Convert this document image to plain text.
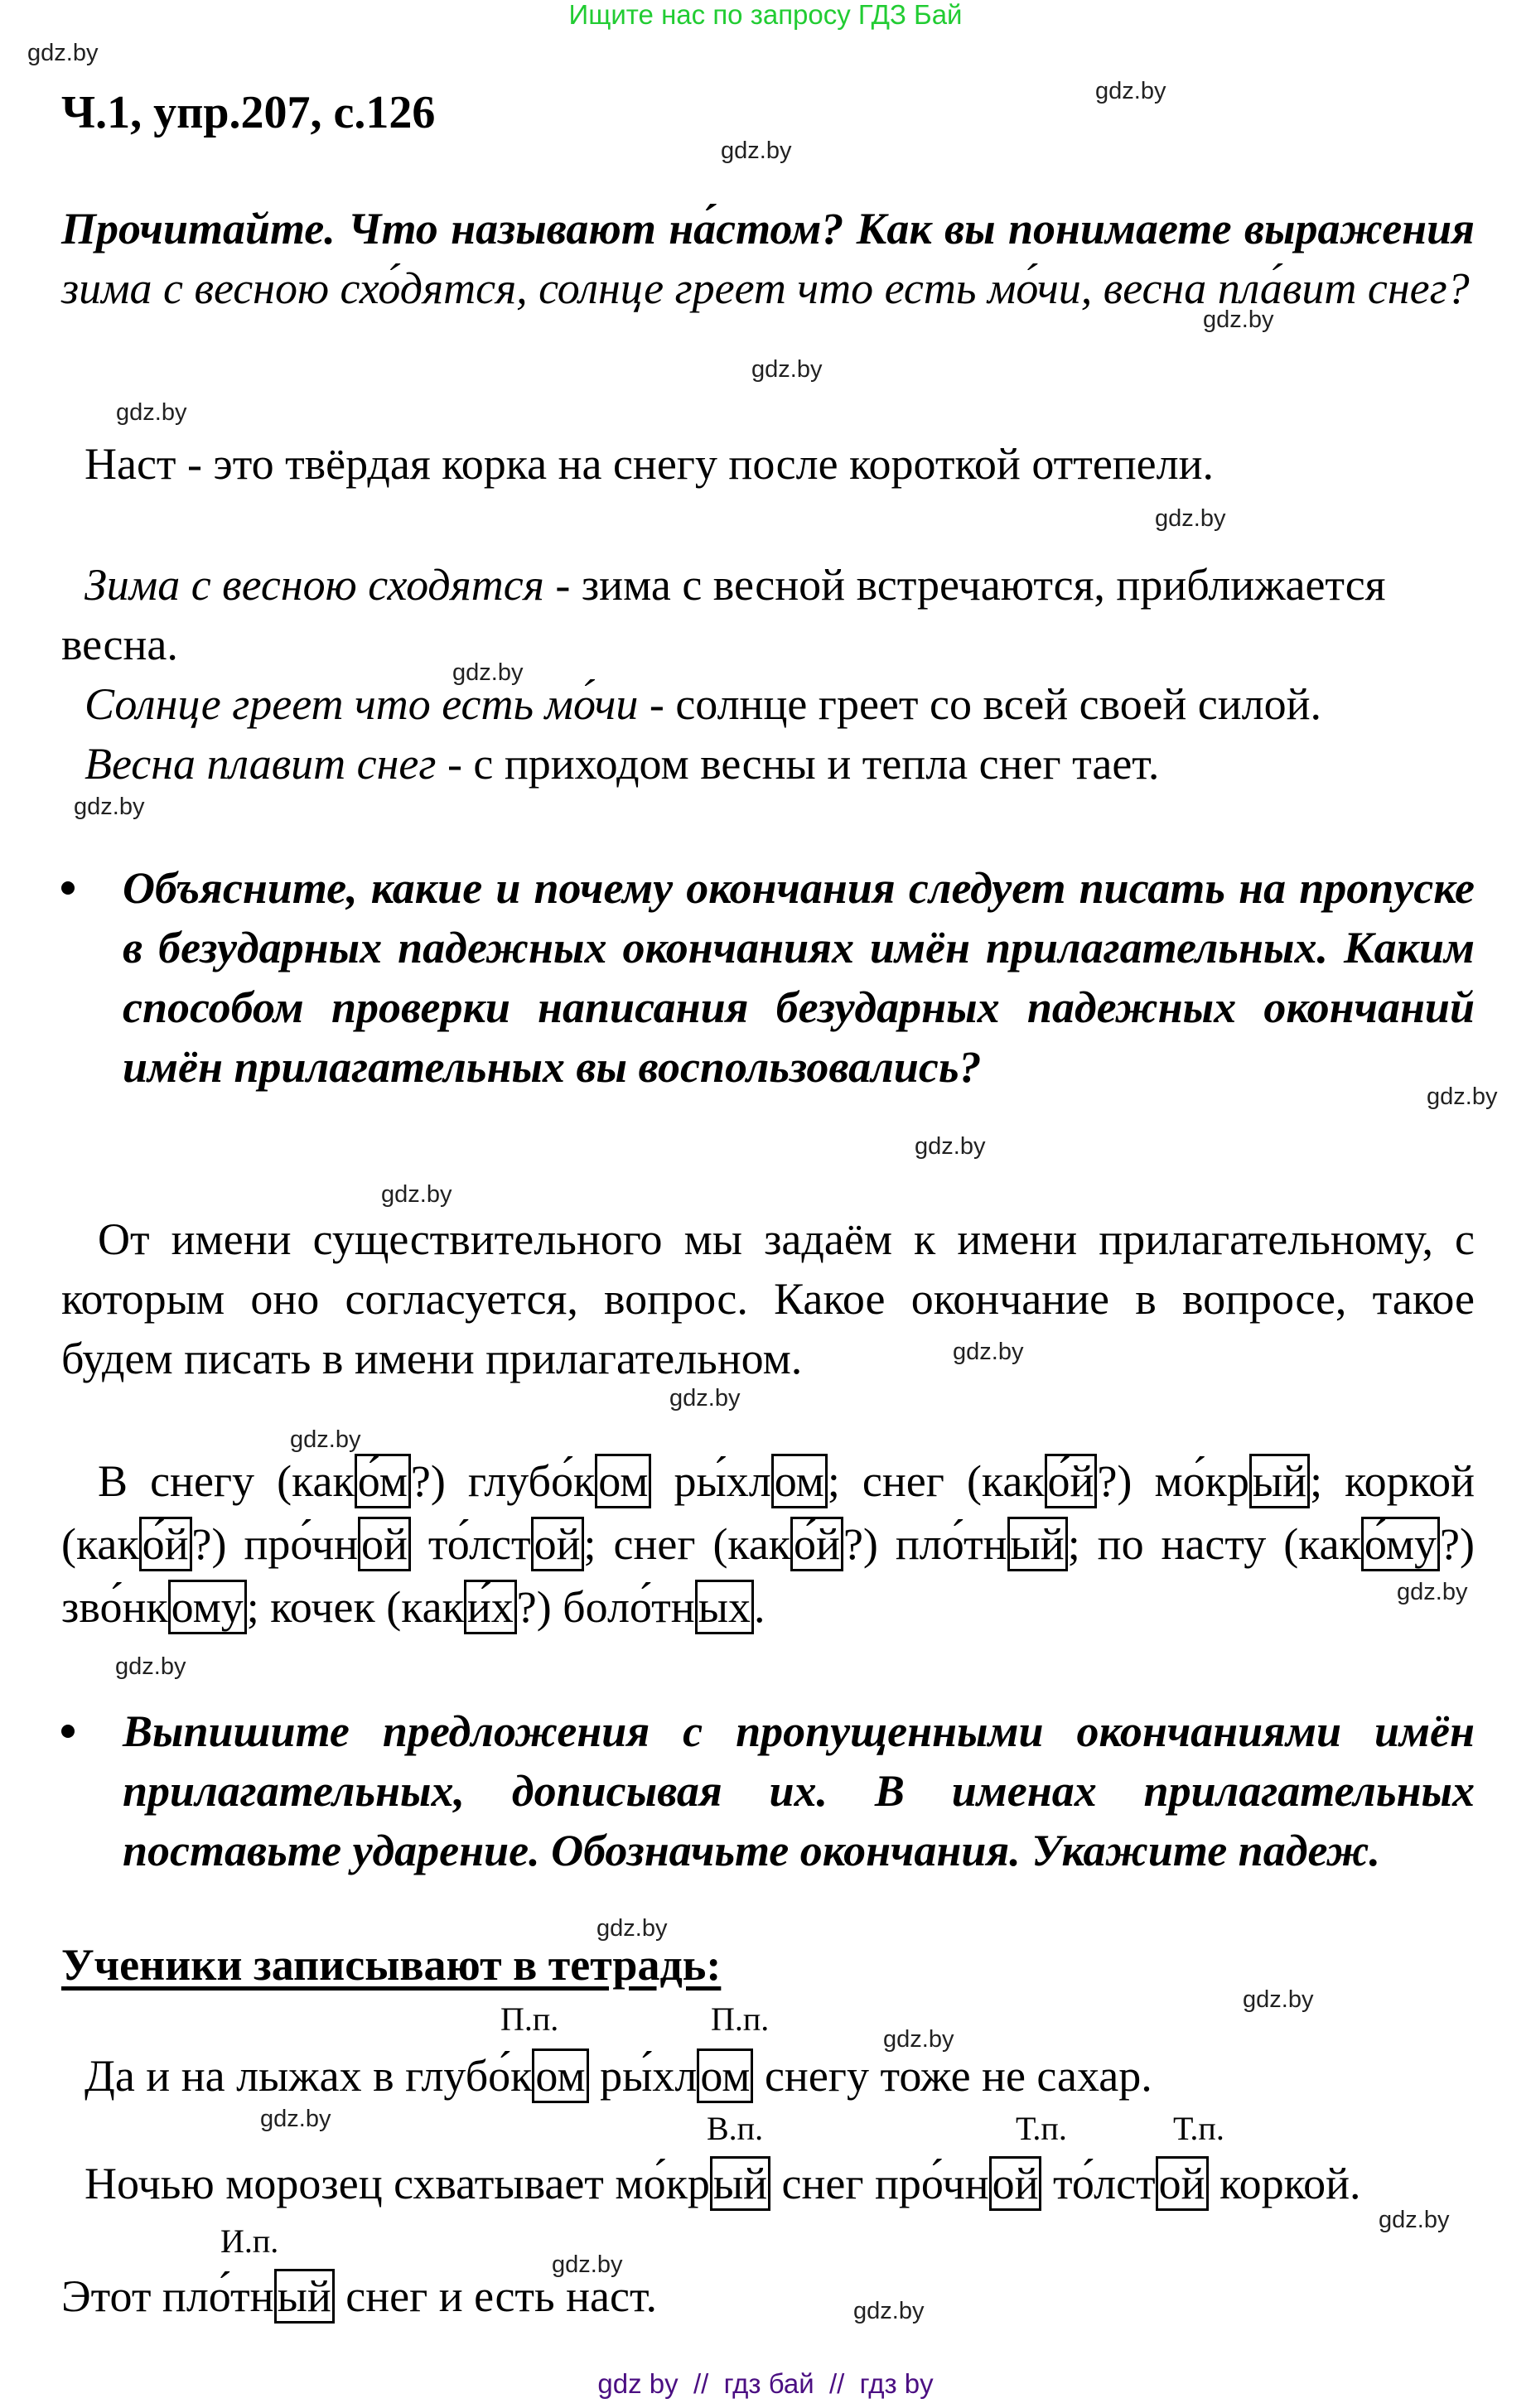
Ищите нас по запросу ГДЗ Бай
gdz.by
gdz.by
gdz.by
gdz.by
gdz.by
gdz.by
gdz.by
gdz.by
gdz.by
gdz.by
gdz.by
gdz.by
gdz.by
gdz.by
gdz.by
gdz.by
gdz.by
gdz.by
gdz.by
gdz.by
gdz.by
gdz.by
gdz.by
gdz.by
Ч.1, упр.207, с.126
Прочитайте. Что называют на́стом? Как вы понимаете выражения зима с весною схо́дятся, солнце греет что есть мо́чи, весна пла́вит снег?
Наст - это твёрдая корка на снегу после короткой оттепели.
Зима с весною сходятся - зима с весной встречаются, приближается весна.
Солнце греет что есть мо́чи - солнце греет со всей своей силой.
Весна плавит снег - с приходом весны и тепла снег тает.
Объясните, какие и почему окончания следует писать на пропуске в безударных падежных окончаниях имён прилагательных. Каким способом проверки написания безударных падежных окончаний имён прилагательных вы воспользовались?
От имени существительного мы задаём к имени прилагательному, с которым оно согласуется, вопрос. Какое окончание в вопросе, такое будем писать в имени прилагательном.
В снегу (како́м?) глубо́ком ры́хлом; снег (како́й?) мо́крый; коркой (како́й?) про́чной то́лстой; снег (како́й?) пло́тный; по насту (како́му?) зво́нкому; кочек (каки́х?) боло́тных.
Выпишите предложения с пропущенными окончаниями имён прилагательных, дописывая их. В именах прилагательных поставьте ударение. Обозначьте окончания. Укажите падеж.
Ученики записывают в тетрадь:
П.п.	П.п.
Да и на лыжах в глубо́ком ры́хлом снегу тоже не сахар.
В.п.	Т.п.	Т.п.
Ночью морозец схватывает мо́крый снег про́чной то́лстой коркой.
И.п.
Этот пло́тный снег и есть наст.
gdz by  //  гдз бай  //  гдз by
